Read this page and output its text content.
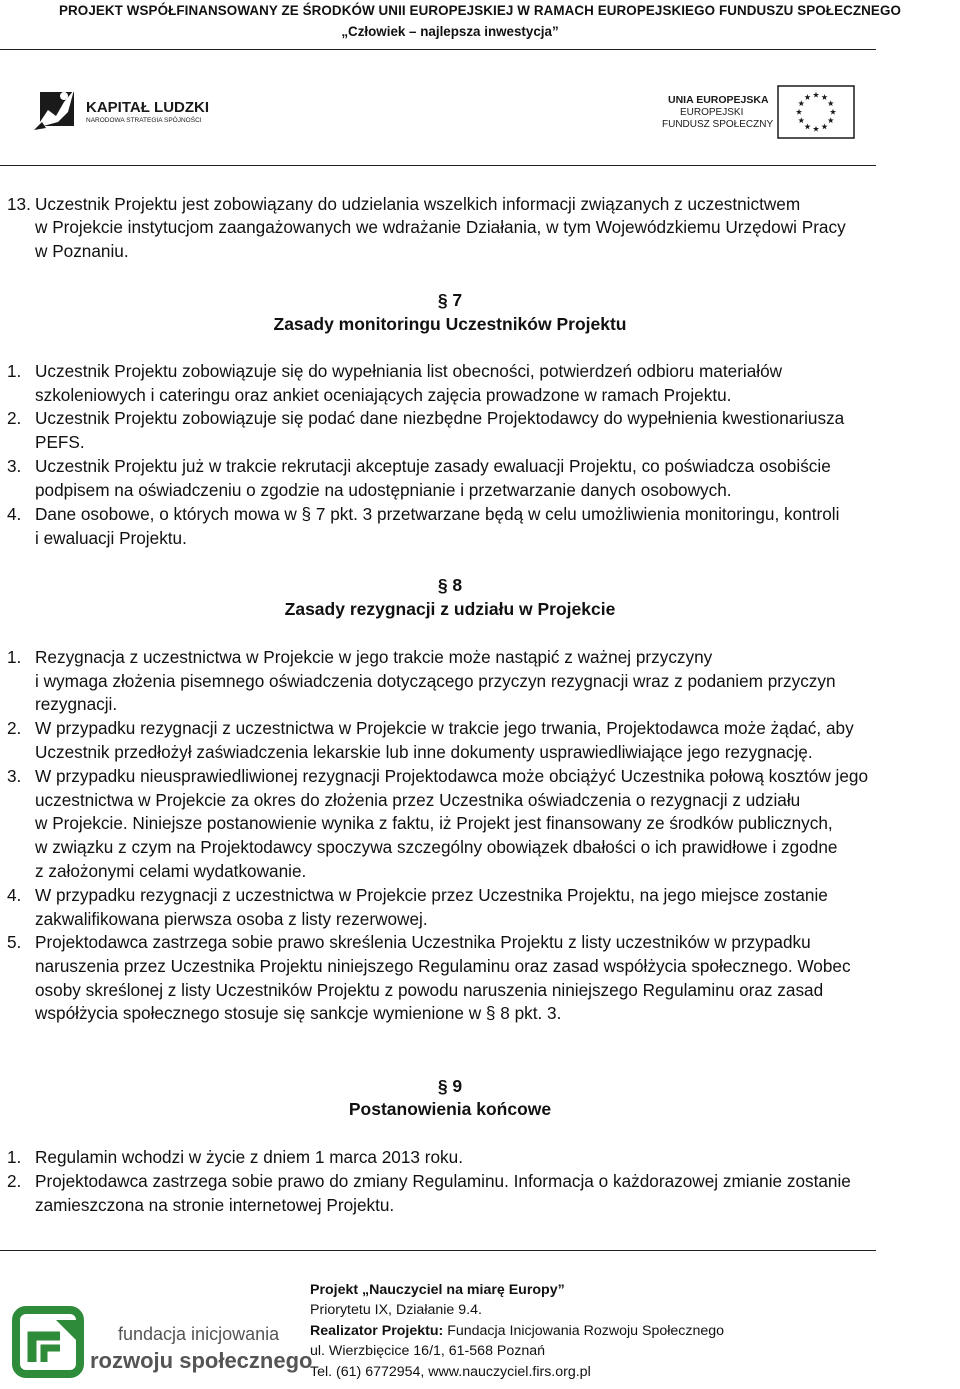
PROJEKT WSPÓŁFINANSOWANY ZE ŚRODKÓW UNII EUROPEJSKIEJ W RAMACH EUROPEJSKIEGO FUNDUSZU SPOŁECZNEGO
„Człowiek – najlepsza inwestycja”
KAPITAŁ LUDZKI
NARODOWA STRATEGIA SPÓJNOŚCI
UNIA EUROPEJSKA
EUROPEJSKI
FUNDUSZ SPOŁECZNY
13. Uczestnik Projektu jest zobowiązany do udzielania wszelkich informacji związanych z uczestnictwem
w Projekcie instytucjom zaangażowanych we wdrażanie Działania, w tym Wojewódzkiemu Urzędowi Pracy
w Poznaniu.
§ 7
Zasady monitoringu Uczestników Projektu
1. Uczestnik Projektu zobowiązuje się do wypełniania list obecności, potwierdzeń odbioru materiałów
szkoleniowych i cateringu oraz ankiet oceniających zajęcia prowadzone w ramach Projektu.
2. Uczestnik Projektu zobowiązuje się podać dane niezbędne Projektodawcy do wypełnienia kwestionariusza
PEFS.
3. Uczestnik Projektu już w trakcie rekrutacji akceptuje zasady ewaluacji Projektu, co poświadcza osobiście
podpisem na oświadczeniu o zgodzie na udostępnianie i przetwarzanie danych osobowych.
4. Dane osobowe, o których mowa w § 7 pkt. 3 przetwarzane będą w celu umożliwienia monitoringu, kontroli
i ewaluacji Projektu.
§ 8
Zasady rezygnacji z udziału w Projekcie
1. Rezygnacja z uczestnictwa w Projekcie w jego trakcie może nastąpić z ważnej przyczyny
i wymaga złożenia pisemnego oświadczenia dotyczącego przyczyn rezygnacji wraz z podaniem przyczyn
rezygnacji.
2. W przypadku rezygnacji z uczestnictwa w Projekcie w trakcie jego trwania, Projektodawca może żądać, aby
Uczestnik przedłożył zaświadczenia lekarskie lub inne dokumenty usprawiedliwiające jego rezygnację.
3. W przypadku nieusprawiedliwionej rezygnacji Projektodawca może obciążyć Uczestnika połową kosztów jego
uczestnictwa w Projekcie za okres do złożenia przez Uczestnika oświadczenia o rezygnacji z udziału
w Projekcie. Niniejsze postanowienie wynika z faktu, iż Projekt jest finansowany ze środków publicznych,
w związku z czym na Projektodawcy spoczywa szczególny obowiązek dbałości o ich prawidłowe i zgodne
z założonymi celami wydatkowanie.
4. W przypadku rezygnacji z uczestnictwa w Projekcie przez Uczestnika Projektu, na jego miejsce zostanie
zakwalifikowana pierwsza osoba z listy rezerwowej.
5. Projektodawca zastrzega sobie prawo skreślenia Uczestnika Projektu z listy uczestników w przypadku
naruszenia przez Uczestnika Projektu niniejszego Regulaminu oraz zasad współżycia społecznego. Wobec
osoby skreślonej z listy Uczestników Projektu z powodu naruszenia niniejszego Regulaminu oraz zasad
współżycia społecznego stosuje się sankcje wymienione w § 8 pkt. 3.
§ 9
Postanowienia końcowe
1. Regulamin wchodzi w życie z dniem 1 marca 2013 roku.
2. Projektodawca zastrzega sobie prawo do zmiany Regulaminu. Informacja o każdorazowej zmianie zostanie
zamieszczona na stronie internetowej Projektu.
fundacja inicjowania
rozwoju społecznego
Projekt „Nauczyciel na miarę Europy”
Priorytetu IX, Działanie 9.4.
Realizator Projektu: Fundacja Inicjowania Rozwoju Społecznego
ul. Wierzbięcice 16/1, 61-568 Poznań
Tel. (61) 6772954, www.nauczyciel.firs.org.pl
